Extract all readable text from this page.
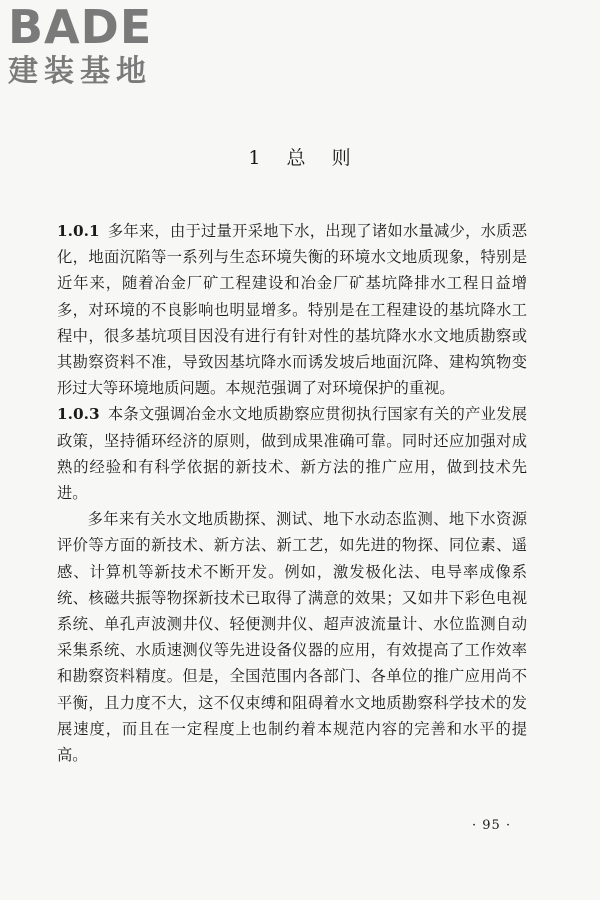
BADE
建装基地
1 总 则

1.0.1 多年来，由于过量开采地下水，出现了诸如水量减少，水质恶化，地面沉陷等一系列与生态环境失衡的环境水文地质现象，特别是近年来，随着冶金厂矿工程建设和冶金厂矿基坑降排水工程日益增多，对环境的不良影响也明显增多。特别是在工程建设的基坑降水工程中，很多基坑项目因没有进行有针对性的基坑降水水文地质勘察或其勘察资料不准，导致因基坑降水而诱发坡后地面沉降、建构筑物变形过大等环境地质问题。本规范强调了对环境保护的重视。

1.0.3 本条文强调冶金水文地质勘察应贯彻执行国家有关的产业发展政策，坚持循环经济的原则，做到成果准确可靠。同时还应加强对成熟的经验和有科学依据的新技术、新方法的推广应用，做到技术先进。

多年来有关水文地质勘探、测试、地下水动态监测、地下水资源评价等方面的新技术、新方法、新工艺，如先进的物探、同位素、遥感、计算机等新技术不断开发。例如，激发极化法、电导率成像系统、核磁共振等物探新技术已取得了满意的效果；又如井下彩色电视系统、单孔声波测井仪、轻便测井仪、超声波流量计、水位监测自动采集系统、水质速测仪等先进设备仪器的应用，有效提高了工作效率和勘察资料精度。但是，全国范围内各部门、各单位的推广应用尚不平衡，且力度不大，这不仅束缚和阻碍着水文地质勘察科学技术的发展速度，而且在一定程度上也制约着本规范内容的完善和水平的提高。

· 95 ·
